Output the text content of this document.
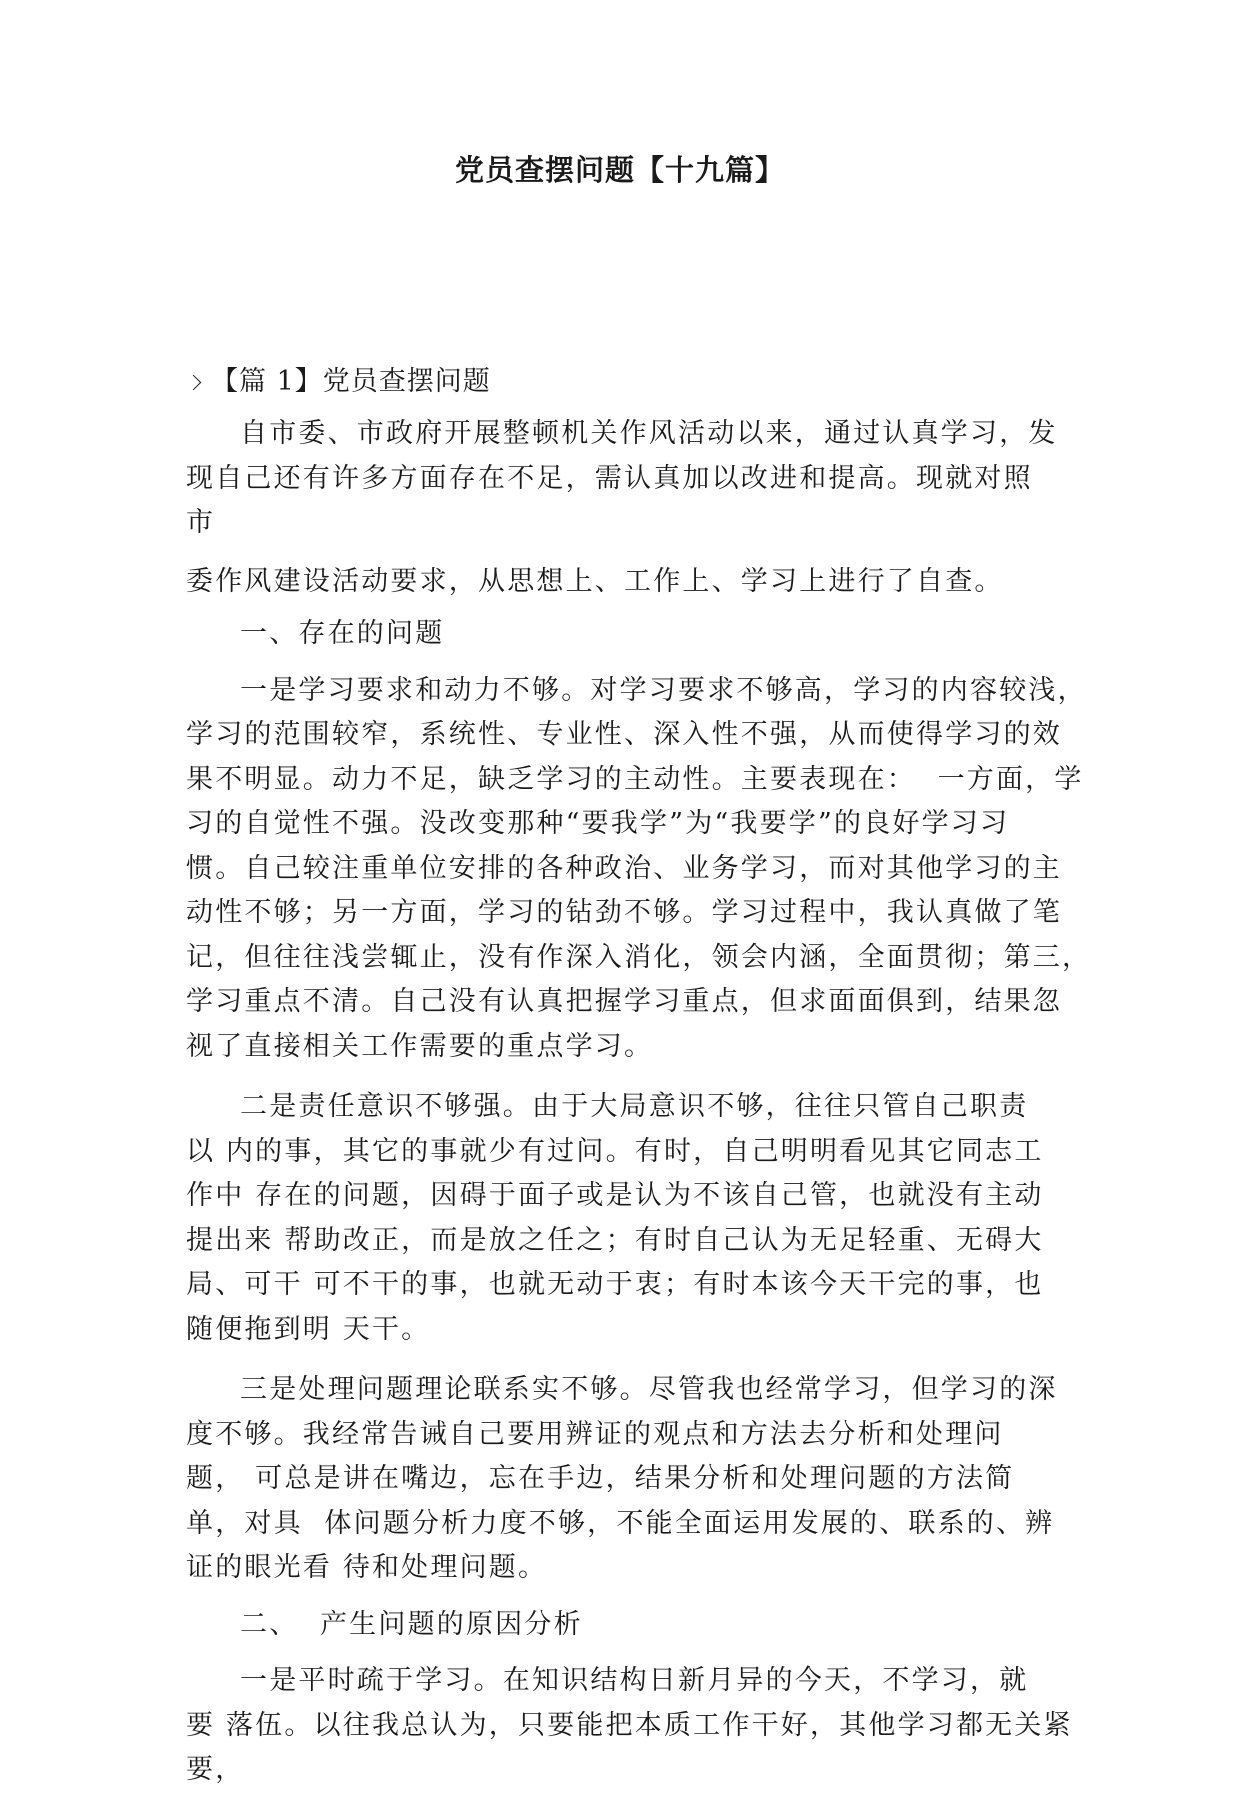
党员查摆问题【十九篇】
【篇 1】党员查摆问题
自市委、市政府开展整顿机关作风活动以来，通过认真学习，发
现自己还有许多方面存在不足，需认真加以改进和提高。现就对照
市
委作风建设活动要求，从思想上、工作上、学习上进行了自查。
一、存在的问题
一是学习要求和动力不够。对学习要求不够高，学习的内容较浅，
学习的范围较窄，系统性、专业性、深入性不强，从而使得学习的效
果不明显。动力不足，缺乏学习的主动性。主要表现在：  一方面，学
习的自觉性不强。没改变那种“要我学”为“我要学”的良好学习习
惯。自己较注重单位安排的各种政治、业务学习，而对其他学习的主
动性不够；另一方面，学习的钻劲不够。学习过程中，我认真做了笔
记，但往往浅尝辄止，没有作深入消化，领会内涵，全面贯彻；第三，
学习重点不清。自己没有认真把握学习重点，但求面面俱到，结果忽
视了直接相关工作需要的重点学习。
二是责任意识不够强。由于大局意识不够，往往只管自己职责
以 内的事，其它的事就少有过问。有时，自己明明看见其它同志工
作中 存在的问题，因碍于面子或是认为不该自己管，也就没有主动
提出来 帮助改正，而是放之任之；有时自己认为无足轻重、无碍大
局、可干 可不干的事，也就无动于衷；有时本该今天干完的事，也
随便拖到明 天干。
三是处理问题理论联系实不够。尽管我也经常学习，但学习的深
度不够。我经常告诫自己要用辨证的观点和方法去分析和处理问
题， 可总是讲在嘴边，忘在手边，结果分析和处理问题的方法简
单，对具  体问题分析力度不够，不能全面运用发展的、联系的、辨
证的眼光看 待和处理问题。
二、  产生问题的原因分析
一是平时疏于学习。在知识结构日新月异的今天，不学习，就
要 落伍。以往我总认为，只要能把本质工作干好，其他学习都无关紧
要，
